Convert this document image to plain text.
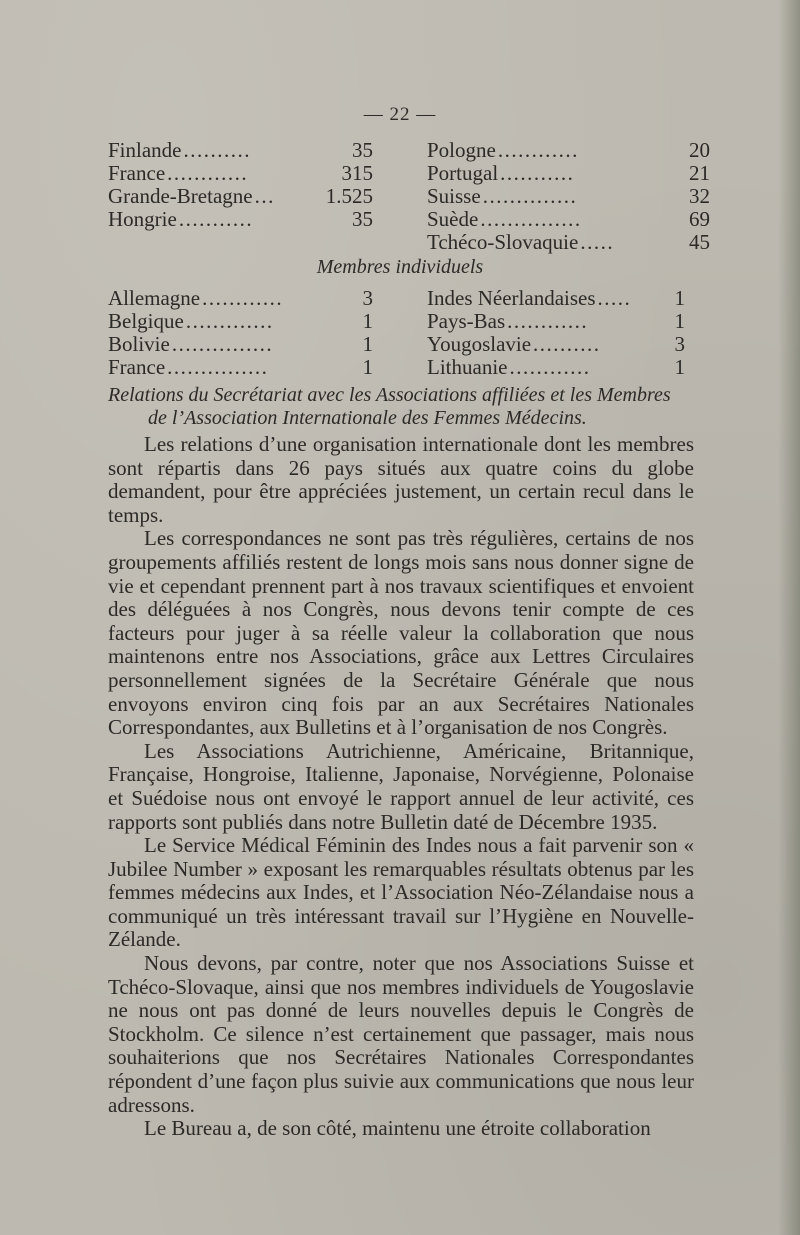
— 22 —
Finlande..........	35
France............	315
Grande-Bretagne... 1.525
Hongrie...........	35
Pologne............	20
Portugal...........	21
Suisse..............	32
Suède...............	69
Tchéco-Slovaquie.....	45
Membres individuels
Allemagne............	3
Belgique.............	1
Bolivie...............	1
France...............	1
Indes Néerlandaises..... 1
Pays-Bas............	1
Yougoslavie..........	3
Lithuanie............	1
Relations du Secrétariat avec les Associations affiliées et les Membres
de l’Association Internationale des Femmes Médecins.

Les relations d’une organisation internationale dont les membres sont répartis dans 26 pays situés aux quatre coins du globe demandent, pour être appréciées justement, un certain recul dans le temps.

Les correspondances ne sont pas très régulières, certains de nos groupements affiliés restent de longs mois sans nous donner signe de vie et cependant prennent part à nos travaux scientifiques et envoient des déléguées à nos Congrès, nous devons tenir compte de ces facteurs pour juger à sa réelle valeur la collaboration que nous maintenons entre nos Associations, grâce aux Lettres Circulaires personnellement signées de la Secrétaire Générale que nous envoyons environ cinq fois par an aux Secrétaires Nationales Correspondantes, aux Bulletins et à l’organisation de nos Congrès.

Les Associations Autrichienne, Américaine, Britannique, Française, Hongroise, Italienne, Japonaise, Norvégienne, Polonaise et Suédoise nous ont envoyé le rapport annuel de leur activité, ces rapports sont publiés dans notre Bulletin daté de Décembre 1935.

Le Service Médical Féminin des Indes nous a fait parvenir son « Jubilee Number » exposant les remarquables résultats obtenus par les femmes médecins aux Indes, et l’Association Néo-Zélandaise nous a communiqué un très intéressant travail sur l’Hygiène en Nouvelle-Zélande.

Nous devons, par contre, noter que nos Associations Suisse et Tchéco-Slovaque, ainsi que nos membres individuels de Yougoslavie ne nous ont pas donné de leurs nouvelles depuis le Congrès de Stockholm. Ce silence n’est certainement que passager, mais nous souhaiterions que nos Secrétaires Nationales Correspondantes répondent d’une façon plus suivie aux communications que nous leur adressons.

Le Bureau a, de son côté, maintenu une étroite collaboration
